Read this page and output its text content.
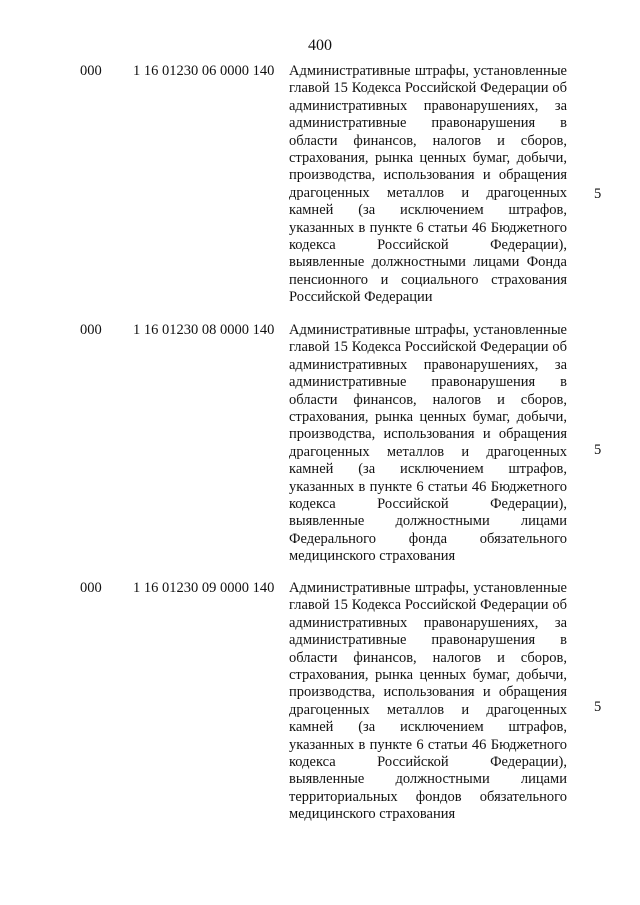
400
000 1 16 01230 06 0000 140 Административные штрафы, установленные главой 15 Кодекса Российской Федерации об административных правонарушениях, за административные правонарушения в области финансов, налогов и сборов, страхования, рынка ценных бумаг, добычи, производства, использования и обращения драгоценных металлов и драгоценных камней (за исключением штрафов, указанных в пункте 6 статьи 46 Бюджетного кодекса Российской Федерации), выявленные должностными лицами Фонда пенсионного и социального страхования Российской Федерации

5
000 1 16 01230 08 0000 140 Административные штрафы, установленные главой 15 Кодекса Российской Федерации об административных правонарушениях, за административные правонарушения в области финансов, налогов и сборов, страхования, рынка ценных бумаг, добычи, производства, использования и обращения драгоценных металлов и драгоценных камней (за исключением штрафов, указанных в пункте 6 статьи 46 Бюджетного кодекса Российской Федерации), выявленные должностными лицами Федерального фонда обязательного медицинского страхования

5
000 1 16 01230 09 0000 140 Административные штрафы, установленные главой 15 Кодекса Российской Федерации об административных правонарушениях, за административные правонарушения в области финансов, налогов и сборов, страхования, рынка ценных бумаг, добычи, производства, использования и обращения драгоценных металлов и драгоценных камней (за исключением штрафов, указанных в пункте 6 статьи 46 Бюджетного кодекса Российской Федерации), выявленные должностными лицами территориальных фондов обязательного медицинского страхования

5
